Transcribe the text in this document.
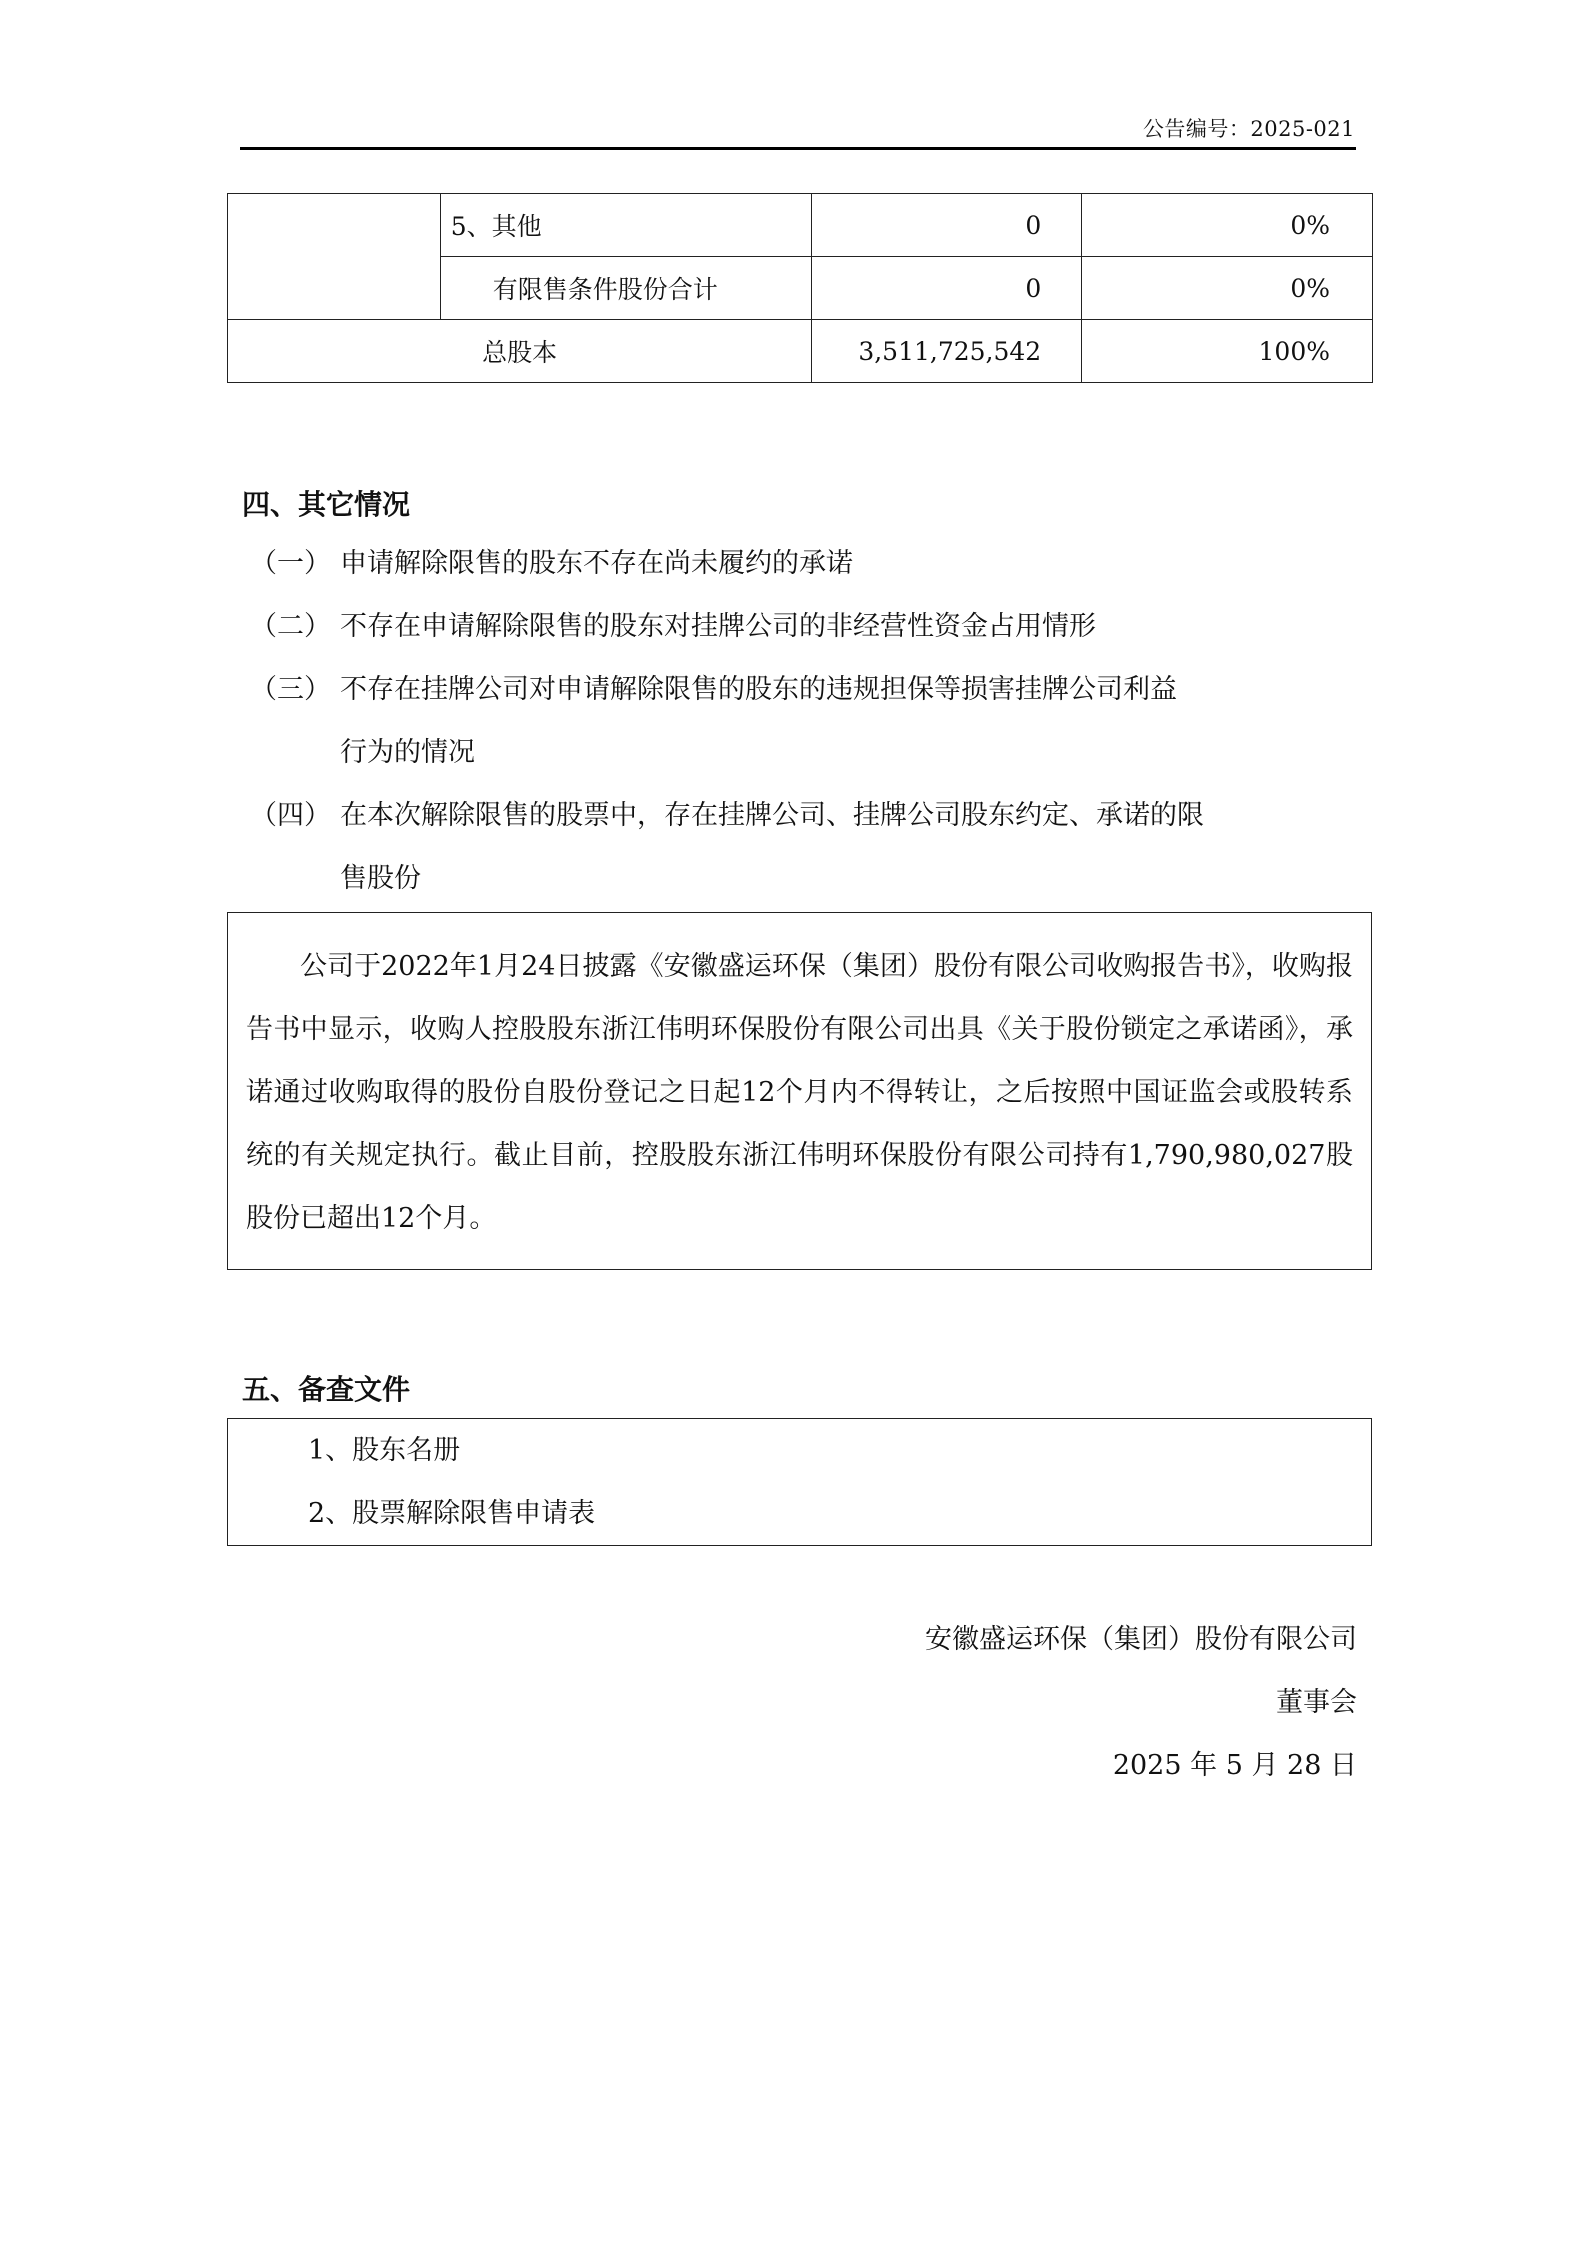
公告编号：2025-021
	5、其他	0	0%
	有限售条件股份合计	0	0%
总股本		3,511,725,542	100%
四、其它情况
（一） 申请解除限售的股东不存在尚未履约的承诺
（二） 不存在申请解除限售的股东对挂牌公司的非经营性资金占用情形
（三） 不存在挂牌公司对申请解除限售的股东的违规担保等损害挂牌公司利益
行为的情况
（四） 在本次解除限售的股票中，存在挂牌公司、挂牌公司股东约定、承诺的限
售股份

公司于2022年1月24日披露《安徽盛运环保（集团）股份有限公司收购报告书》，收购报告书中显示，收购人控股股东浙江伟明环保股份有限公司出具《关于股份锁定之承诺函》，承诺通过收购取得的股份自股份登记之日起12个月内不得转让，之后按照中国证监会或股转系统的有关规定执行。截止目前，控股股东浙江伟明环保股份有限公司持有1,790,980,027股股份已超出12个月。

五、备查文件
1、股东名册
2、股票解除限售申请表
安徽盛运环保（集团）股份有限公司
董事会
2025 年 5 月 28 日
